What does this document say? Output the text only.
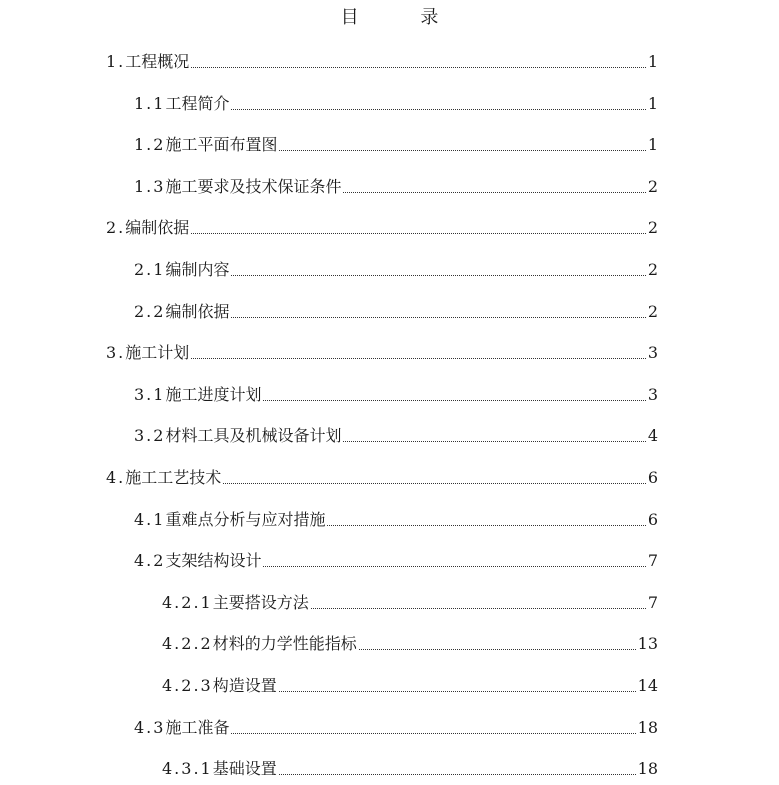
目 录
1. 工程概况	1
1.1 工程简介	1
1.2 施工平面布置图	1
1.3 施工要求及技术保证条件	2
2. 编制依据	2
2.1 编制内容	2
2.2 编制依据	2
3. 施工计划	3
3.1 施工进度计划	3
3.2 材料工具及机械设备计划	4
4. 施工工艺技术	6
4.1 重难点分析与应对措施	6
4.2 支架结构设计	7
4.2.1 主要搭设方法	7
4.2.2 材料的力学性能指标	13
4.2.3 构造设置	14
4.3 施工准备	18
4.3.1 基础设置	18
